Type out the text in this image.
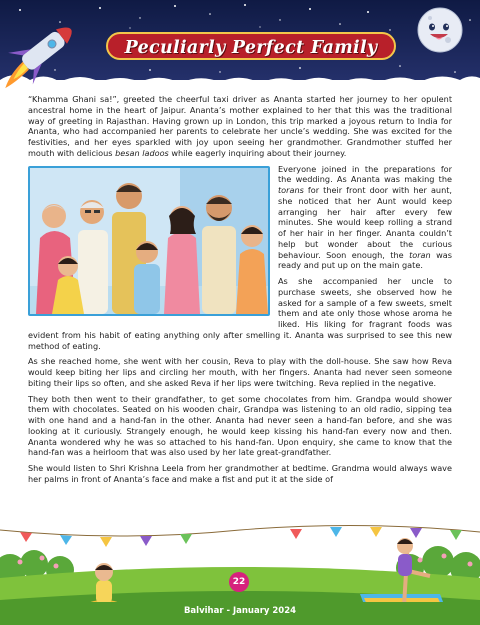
Peculiarly Perfect Family

“Khamma Ghani sa!”, greeted the cheerful taxi driver as Ananta started her journey to her opulent ancestral home in the heart of Jaipur. Ananta’s mother explained to her that this was the traditional way of greeting in Rajasthan. Having grown up in London, this trip marked a joyous return to India for Ananta, who had accompanied her parents to celebrate her uncle’s wedding. She was excited for the festivities, and her eyes sparkled with joy upon seeing her grandmother. Grandmother stuffed her mouth with delicious besan ladoos while eagerly inquiring about their journey.

Everyone joined in the preparations for the wedding. As Ananta was making the torans for their front door with her aunt, she noticed that her Aunt would keep arranging her hair after every few minutes. She would keep rolling a strand of her hair in her finger. Ananta couldn’t help but wonder about the curious behaviour. Soon enough, the toran was ready and put up on the main gate.

As she accompanied her uncle to purchase sweets, she observed how he asked for a sample of a few sweets, smelt them and ate only those whose aroma he liked. His liking for fragrant foods was evident from his habit of eating anything only after smelling it. Ananta was surprised to see this new method of eating.

As she reached home, she went with her cousin, Reva to play with the doll-house. She saw how Reva would keep biting her lips and circling her mouth, with her fingers. Ananta had never seen someone biting their lips so often, and she asked Reva if her lips were twitching. Reva replied in the negative.

They both then went to their grandfather, to get some chocolates from him. Grandpa would shower them with chocolates. Seated on his wooden chair, Grandpa was listening to an old radio, sipping tea with one hand and a hand-fan in the other. Ananta had never seen a hand-fan before, and she was looking at it curiously. Strangely enough, he would keep kissing his hand-fan every now and then. Ananta wondered why he was so attached to his hand-fan. Upon enquiry, she came to know that the hand-fan was a heirloom that was also used by her late great-grandfather.

She would listen to Shri Krishna Leela from her grandmother at bedtime. Grandma would always wave her palms in front of Ananta’s face and make a fist and put it at the side of

22
Balvihar - January 2024
